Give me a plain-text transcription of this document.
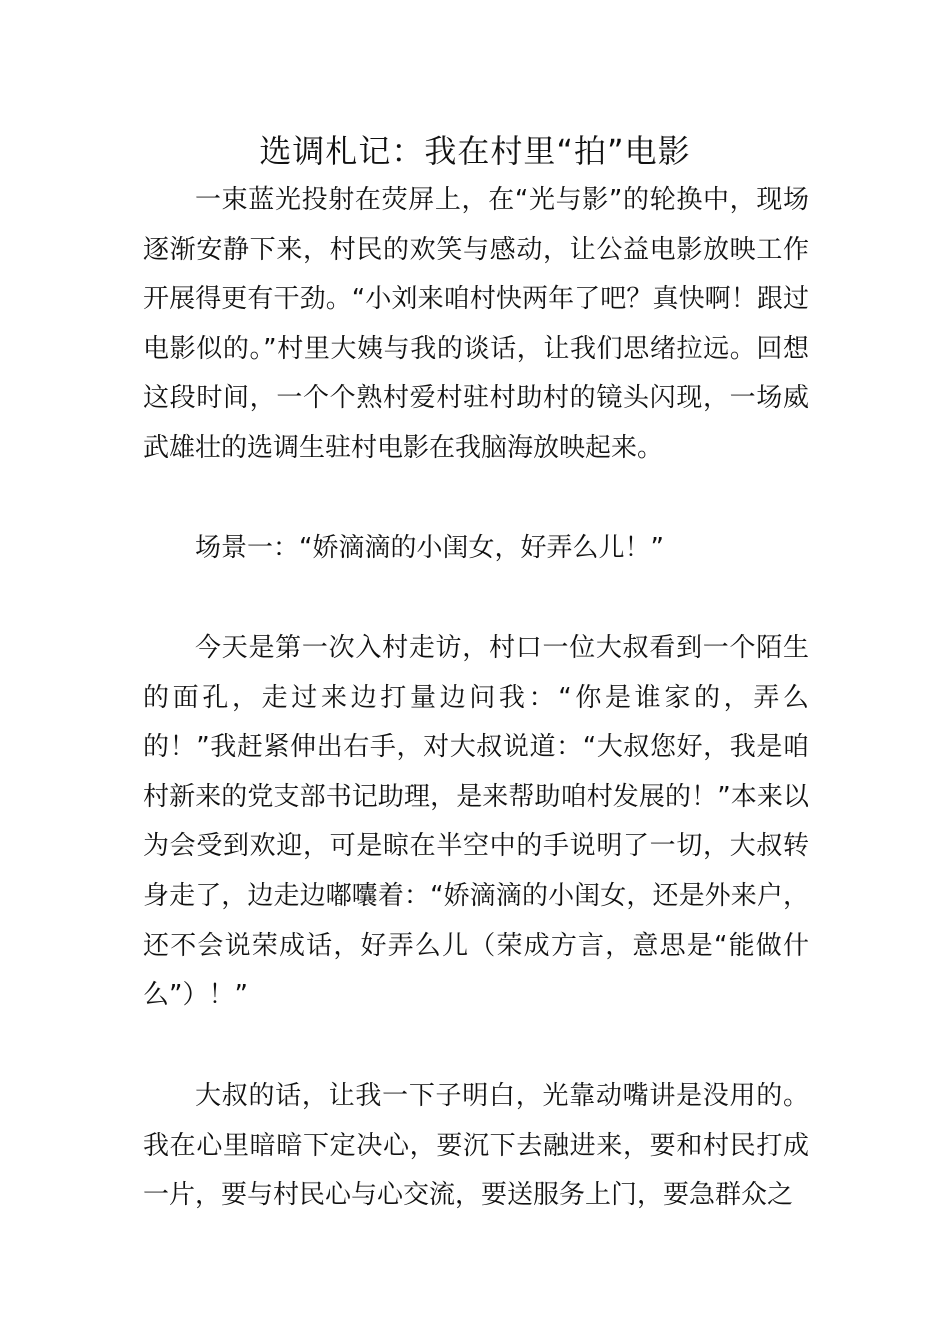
选调札记：我在村里“拍”电影

一束蓝光投射在荧屏上，在“光与影”的轮换中，现场逐渐安静下来，村民的欢笑与感动，让公益电影放映工作开展得更有干劲。“小刘来咱村快两年了吧？真快啊！跟过电影似的。”村里大姨与我的谈话，让我们思绪拉远。回想这段时间，一个个熟村爱村驻村助村的镜头闪现，一场威武雄壮的选调生驻村电影在我脑海放映起来。

场景一：“娇滴滴的小闺女，好弄么儿！”

今天是第一次入村走访，村口一位大叔看到一个陌生的面孔，走过来边打量边问我：“你是谁家的，弄么的！”我赶紧伸出右手，对大叔说道：“大叔您好，我是咱村新来的党支部书记助理，是来帮助咱村发展的！”本来以为会受到欢迎，可是晾在半空中的手说明了一切，大叔转身走了，边走边嘟囔着：“娇滴滴的小闺女，还是外来户，还不会说荣成话，好弄么儿（荣成方言，意思是“能做什么”）！”

大叔的话，让我一下子明白，光靠动嘴讲是没用的。我在心里暗暗下定决心，要沉下去融进来，要和村民打成一片，要与村民心与心交流，要送服务上门，要急群众之
